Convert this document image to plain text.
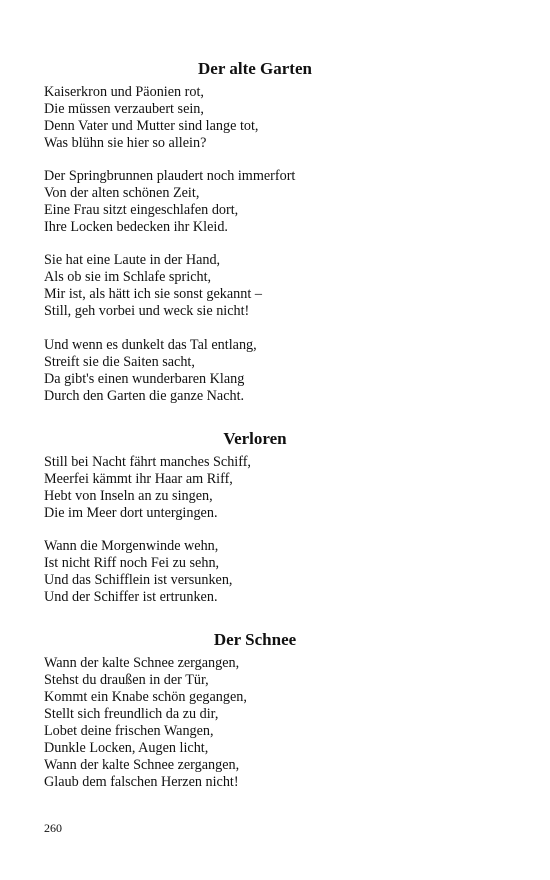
Der alte Garten
Kaiserkron und Päonien rot,
Die müssen verzaubert sein,
Denn Vater und Mutter sind lange tot,
Was blühn sie hier so allein?
Der Springbrunnen plaudert noch immerfort
Von der alten schönen Zeit,
Eine Frau sitzt eingeschlafen dort,
Ihre Locken bedecken ihr Kleid.
Sie hat eine Laute in der Hand,
Als ob sie im Schlafe spricht,
Mir ist, als hätt ich sie sonst gekannt –
Still, geh vorbei und weck sie nicht!
Und wenn es dunkelt das Tal entlang,
Streift sie die Saiten sacht,
Da gibt's einen wunderbaren Klang
Durch den Garten die ganze Nacht.
Verloren
Still bei Nacht fährt manches Schiff,
Meerfei kämmt ihr Haar am Riff,
Hebt von Inseln an zu singen,
Die im Meer dort untergingen.
Wann die Morgenwinde wehn,
Ist nicht Riff noch Fei zu sehn,
Und das Schifflein ist versunken,
Und der Schiffer ist ertrunken.
Der Schnee
Wann der kalte Schnee zergangen,
Stehst du draußen in der Tür,
Kommt ein Knabe schön gegangen,
Stellt sich freundlich da zu dir,
Lobet deine frischen Wangen,
Dunkle Locken, Augen licht,
Wann der kalte Schnee zergangen,
Glaub dem falschen Herzen nicht!
260
